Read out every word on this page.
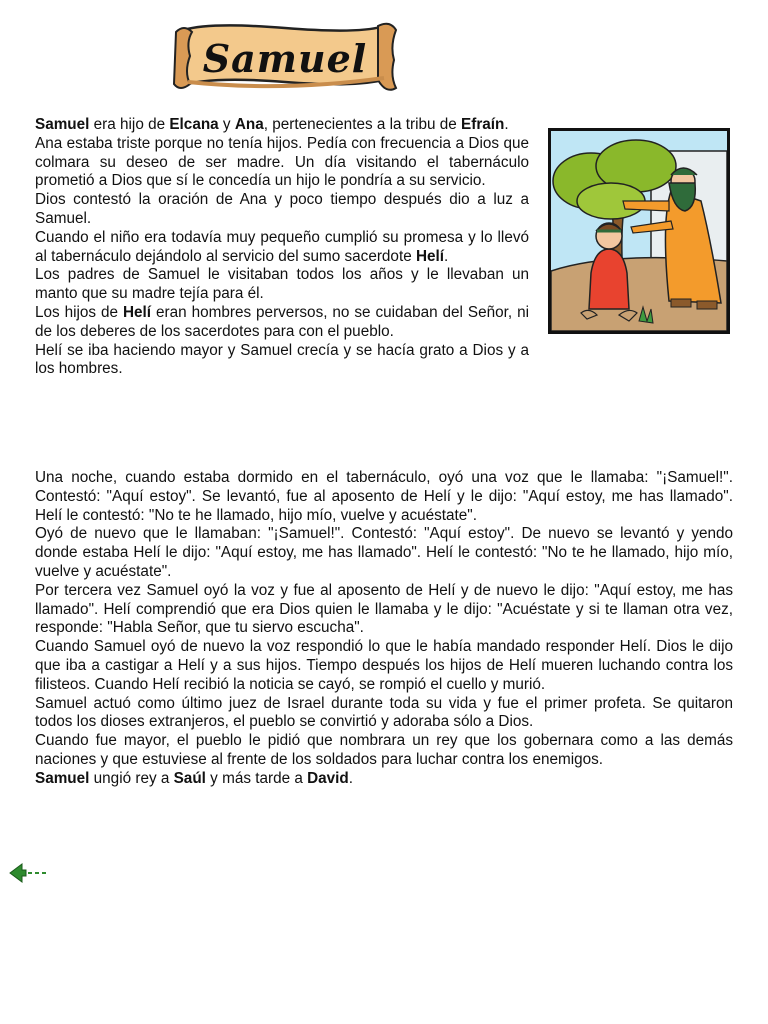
Samuel

Samuel era hijo de Elcana y Ana, pertenecientes a la tribu de Efraín.

Ana estaba triste porque no tenía hijos. Pedía con frecuencia a Dios que colmara su deseo de ser madre. Un día visitando el tabernáculo prometió a Dios que sí le concedía un hijo le pondría a su servicio.

Dios contestó la oración de Ana y poco tiempo después dio a luz a Samuel.

Cuando el niño era todavía muy pequeño cumplió su promesa y lo llevó al tabernáculo dejándolo al servicio del sumo sacerdote Helí.

Los padres de Samuel le visitaban todos los años y le llevaban un manto que su madre tejía para él.

Los hijos de Helí eran hombres perversos, no se cuidaban del Señor, ni de los deberes de los sacerdotes para con el pueblo.

Helí se iba haciendo mayor y Samuel crecía y se hacía grato a Dios y a los hombres.

Una noche, cuando estaba dormido en el tabernáculo, oyó una voz que le llamaba: "¡Samuel!". Contestó: "Aquí estoy". Se levantó, fue al aposento de Helí y le dijo: "Aquí estoy, me has llamado". Helí le contestó: "No te he llamado, hijo mío, vuelve y acuéstate".

Oyó de nuevo que le llamaban: "¡Samuel!". Contestó: "Aquí estoy". De nuevo se levantó y yendo donde estaba Helí le dijo: "Aquí estoy, me has llamado". Helí le contestó: "No te he llamado, hijo mío, vuelve y acuéstate".

Por tercera vez Samuel oyó la voz y fue al aposento de Helí y de nuevo le dijo: "Aquí estoy, me has llamado". Helí comprendió que era Dios quien le llamaba y le dijo: "Acuéstate y si te llaman otra vez, responde: "Habla Señor, que tu siervo escucha".

Cuando Samuel oyó de nuevo la voz respondió lo que le había mandado responder Helí. Dios le dijo que iba a castigar a Helí y a sus hijos. Tiempo después los hijos de Helí mueren luchando contra los filisteos. Cuando Helí recibió la noticia se cayó, se rompió el cuello y murió.

Samuel actuó como último juez de Israel durante toda su vida y fue el primer profeta. Se quitaron todos los dioses extranjeros, el pueblo se convirtió y adoraba sólo a Dios.

Cuando fue mayor, el pueblo le pidió que nombrara un rey que los gobernara como a las demás naciones y que estuviese al frente de los soldados para luchar contra los enemigos.

Samuel ungió rey a Saúl y más tarde a David.
